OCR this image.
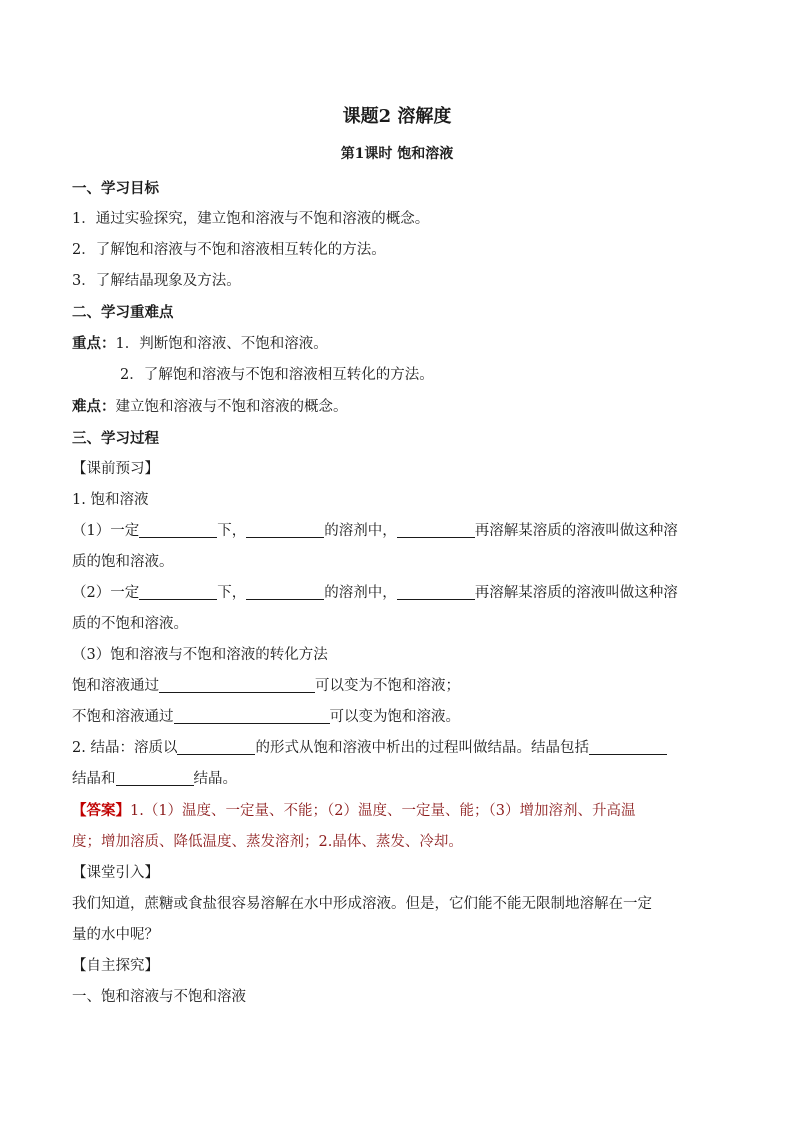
课题2 溶解度
第1课时 饱和溶液
一、学习目标
1．通过实验探究，建立饱和溶液与不饱和溶液的概念。
2．了解饱和溶液与不饱和溶液相互转化的方法。
3．了解结晶现象及方法。
二、学习重难点
重点：1．判断饱和溶液、不饱和溶液。
2．了解饱和溶液与不饱和溶液相互转化的方法。
难点：建立饱和溶液与不饱和溶液的概念。
三、学习过程
【课前预习】
1. 饱和溶液
（1）一定	下，	的溶剂中，	再溶解某溶质的溶液叫做这种溶
质的饱和溶液。
（2）一定	下，	的溶剂中，	再溶解某溶质的溶液叫做这种溶
质的不饱和溶液。
（3）饱和溶液与不饱和溶液的转化方法
饱和溶液通过	可以变为不饱和溶液；
不饱和溶液通过	可以变为饱和溶液。
2. 结晶：溶质以	的形式从饱和溶液中析出的过程叫做结晶。结晶包括
结晶和	结晶。
【答案】1.（1）温度、一定量、不能；（2）温度、一定量、能；（3）增加溶剂、升高温
度；增加溶质、降低温度、蒸发溶剂；2.晶体、蒸发、冷却。
【课堂引入】
我们知道，蔗糖或食盐很容易溶解在水中形成溶液。但是，它们能不能无限制地溶解在一定
量的水中呢？
【自主探究】
一、饱和溶液与不饱和溶液
